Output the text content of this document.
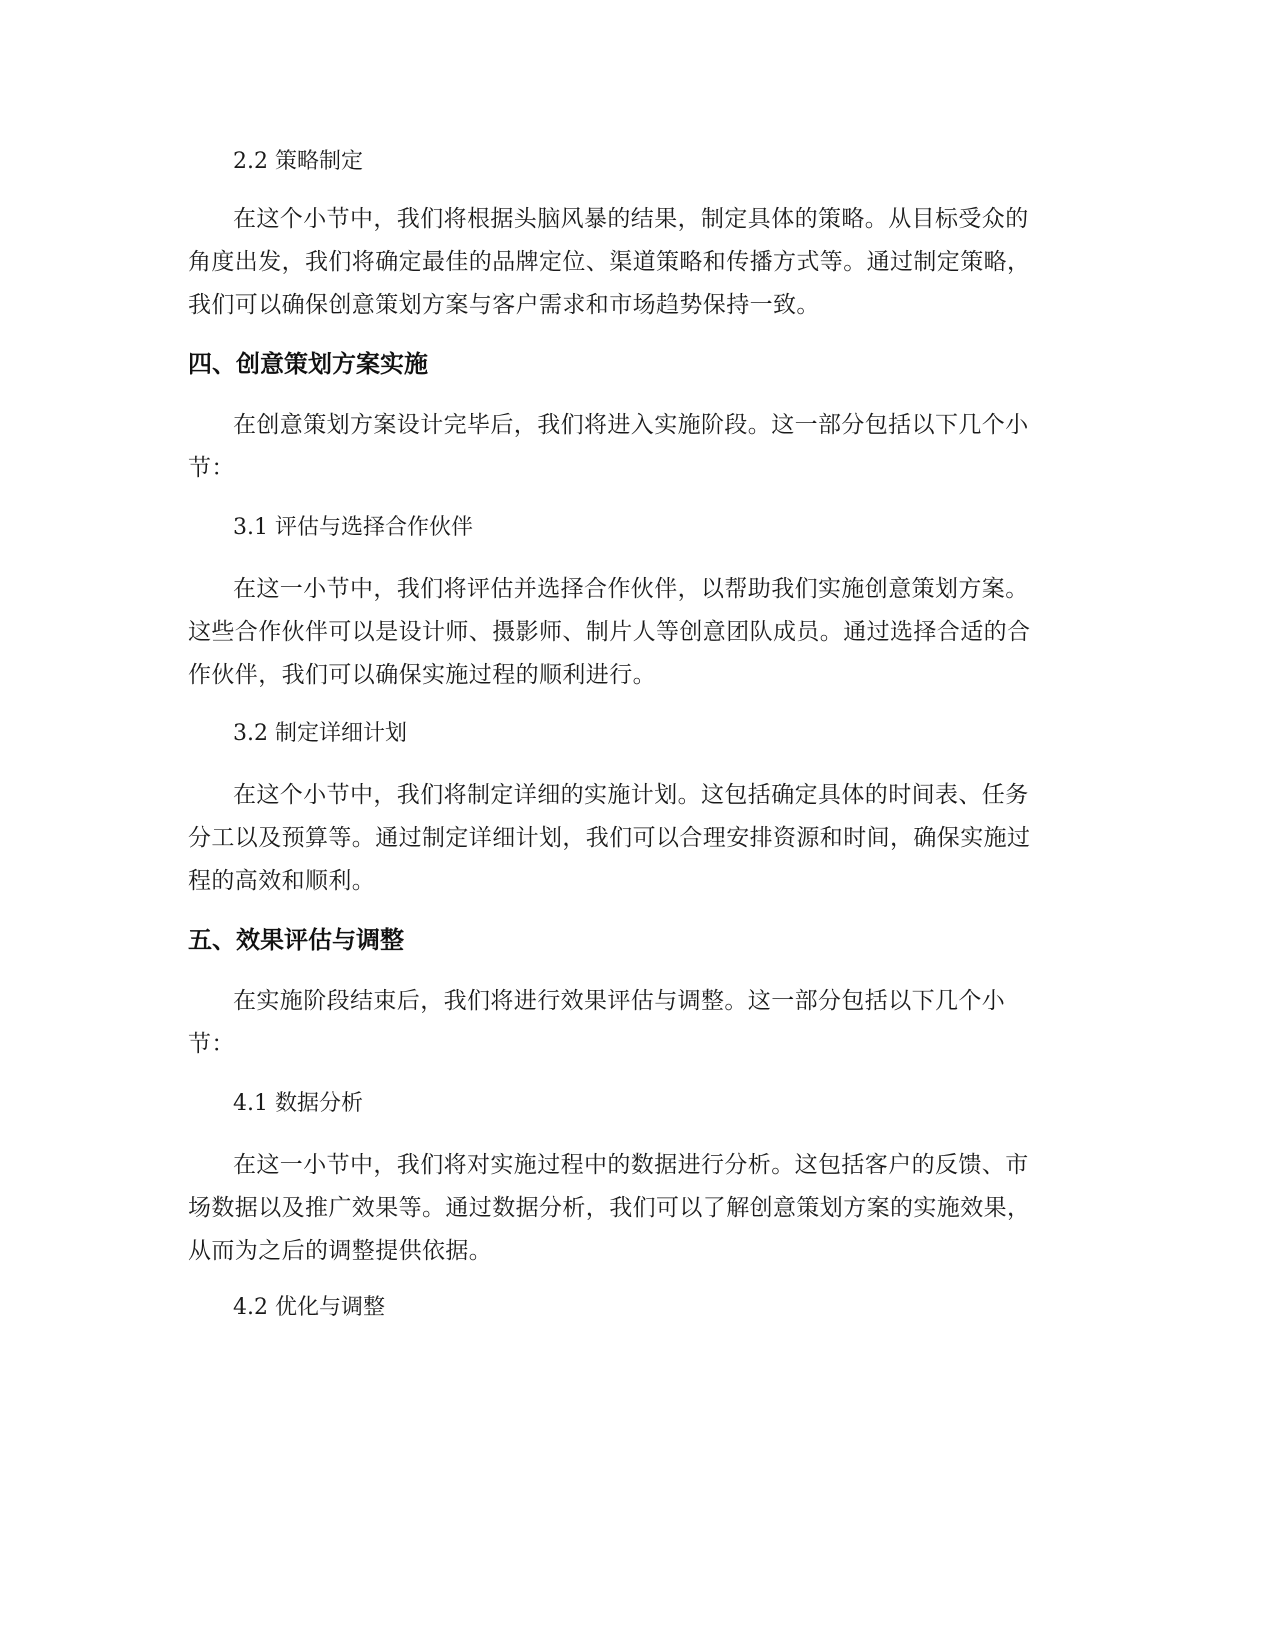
2.2 策略制定
在这个小节中，我们将根据头脑风暴的结果，制定具体的策略。从目标受众的
角度出发，我们将确定最佳的品牌定位、渠道策略和传播方式等。通过制定策略，
我们可以确保创意策划方案与客户需求和市场趋势保持一致。
四、创意策划方案实施
在创意策划方案设计完毕后，我们将进入实施阶段。这一部分包括以下几个小
节：
3.1 评估与选择合作伙伴
在这一小节中，我们将评估并选择合作伙伴，以帮助我们实施创意策划方案。
这些合作伙伴可以是设计师、摄影师、制片人等创意团队成员。通过选择合适的合
作伙伴，我们可以确保实施过程的顺利进行。
3.2 制定详细计划
在这个小节中，我们将制定详细的实施计划。这包括确定具体的时间表、任务
分工以及预算等。通过制定详细计划，我们可以合理安排资源和时间，确保实施过
程的高效和顺利。
五、效果评估与调整
在实施阶段结束后，我们将进行效果评估与调整。这一部分包括以下几个小
节：
4.1 数据分析
在这一小节中，我们将对实施过程中的数据进行分析。这包括客户的反馈、市
场数据以及推广效果等。通过数据分析，我们可以了解创意策划方案的实施效果，
从而为之后的调整提供依据。
4.2 优化与调整
